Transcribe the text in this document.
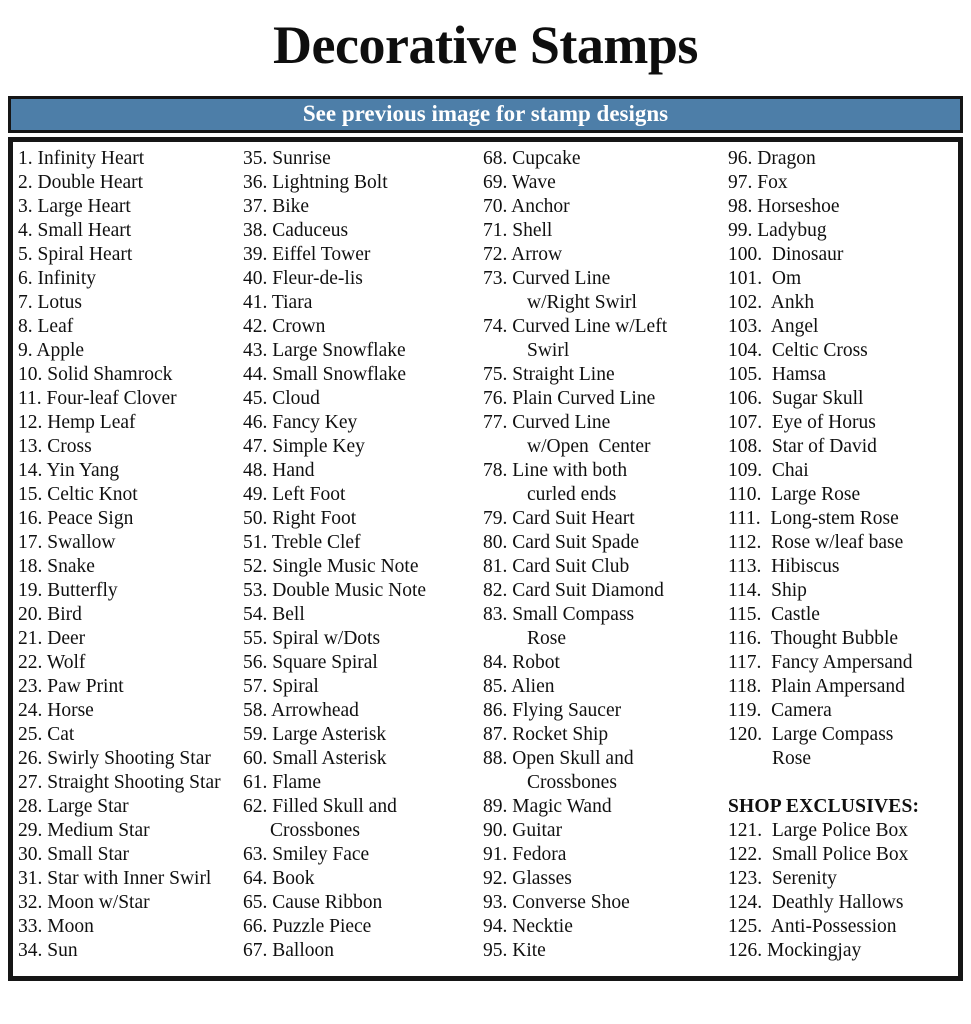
Decorative Stamps
See previous image for stamp designs
1. Infinity Heart
2. Double Heart
3. Large Heart
4. Small Heart
5. Spiral Heart
6. Infinity
7. Lotus
8. Leaf
9. Apple
10. Solid Shamrock
11. Four-leaf Clover
12. Hemp Leaf
13. Cross
14. Yin Yang
15. Celtic Knot
16. Peace Sign
17. Swallow
18. Snake
19. Butterfly
20. Bird
21. Deer
22. Wolf
23. Paw Print
24. Horse
25. Cat
26. Swirly Shooting Star
27. Straight Shooting Star
28. Large Star
29. Medium Star
30. Small Star
31. Star with Inner Swirl
32. Moon w/Star
33. Moon
34. Sun
35. Sunrise
36. Lightning Bolt
37. Bike
38. Caduceus
39. Eiffel Tower
40. Fleur-de-lis
41. Tiara
42. Crown
43. Large Snowflake
44. Small Snowflake
45. Cloud
46. Fancy Key
47. Simple Key
48. Hand
49. Left Foot
50. Right Foot
51. Treble Clef
52. Single Music Note
53. Double Music Note
54. Bell
55. Spiral w/Dots
56. Square Spiral
57. Spiral
58. Arrowhead
59. Large Asterisk
60. Small Asterisk
61. Flame
62. Filled Skull and
Crossbones
63. Smiley Face
64. Book
65. Cause Ribbon
66. Puzzle Piece
67. Balloon
68. Cupcake
69. Wave
70. Anchor
71. Shell
72. Arrow
73. Curved Line
w/Right Swirl
74. Curved Line w/Left
Swirl
75. Straight Line
76. Plain Curved Line
77. Curved Line
w/Open  Center
78. Line with both
curled ends
79. Card Suit Heart
80. Card Suit Spade
81. Card Suit Club
82. Card Suit Diamond
83. Small Compass
Rose
84. Robot
85. Alien
86. Flying Saucer
87. Rocket Ship
88. Open Skull and
Crossbones
89. Magic Wand
90. Guitar
91. Fedora
92. Glasses
93. Converse Shoe
94. Necktie
95. Kite
96. Dragon
97. Fox
98. Horseshoe
99. Ladybug
100.  Dinosaur
101.  Om
102.  Ankh
103.  Angel
104.  Celtic Cross
105.  Hamsa
106.  Sugar Skull
107.  Eye of Horus
108.  Star of David
109.  Chai
110.  Large Rose
111.  Long-stem Rose
112.  Rose w/leaf base
113.  Hibiscus
114.  Ship
115.  Castle
116.  Thought Bubble
117.  Fancy Ampersand
118.  Plain Ampersand
119.  Camera
120.  Large Compass
Rose

SHOP EXCLUSIVES:
121.  Large Police Box
122.  Small Police Box
123.  Serenity
124.  Deathly Hallows
125.  Anti-Possession
126. Mockingjay
